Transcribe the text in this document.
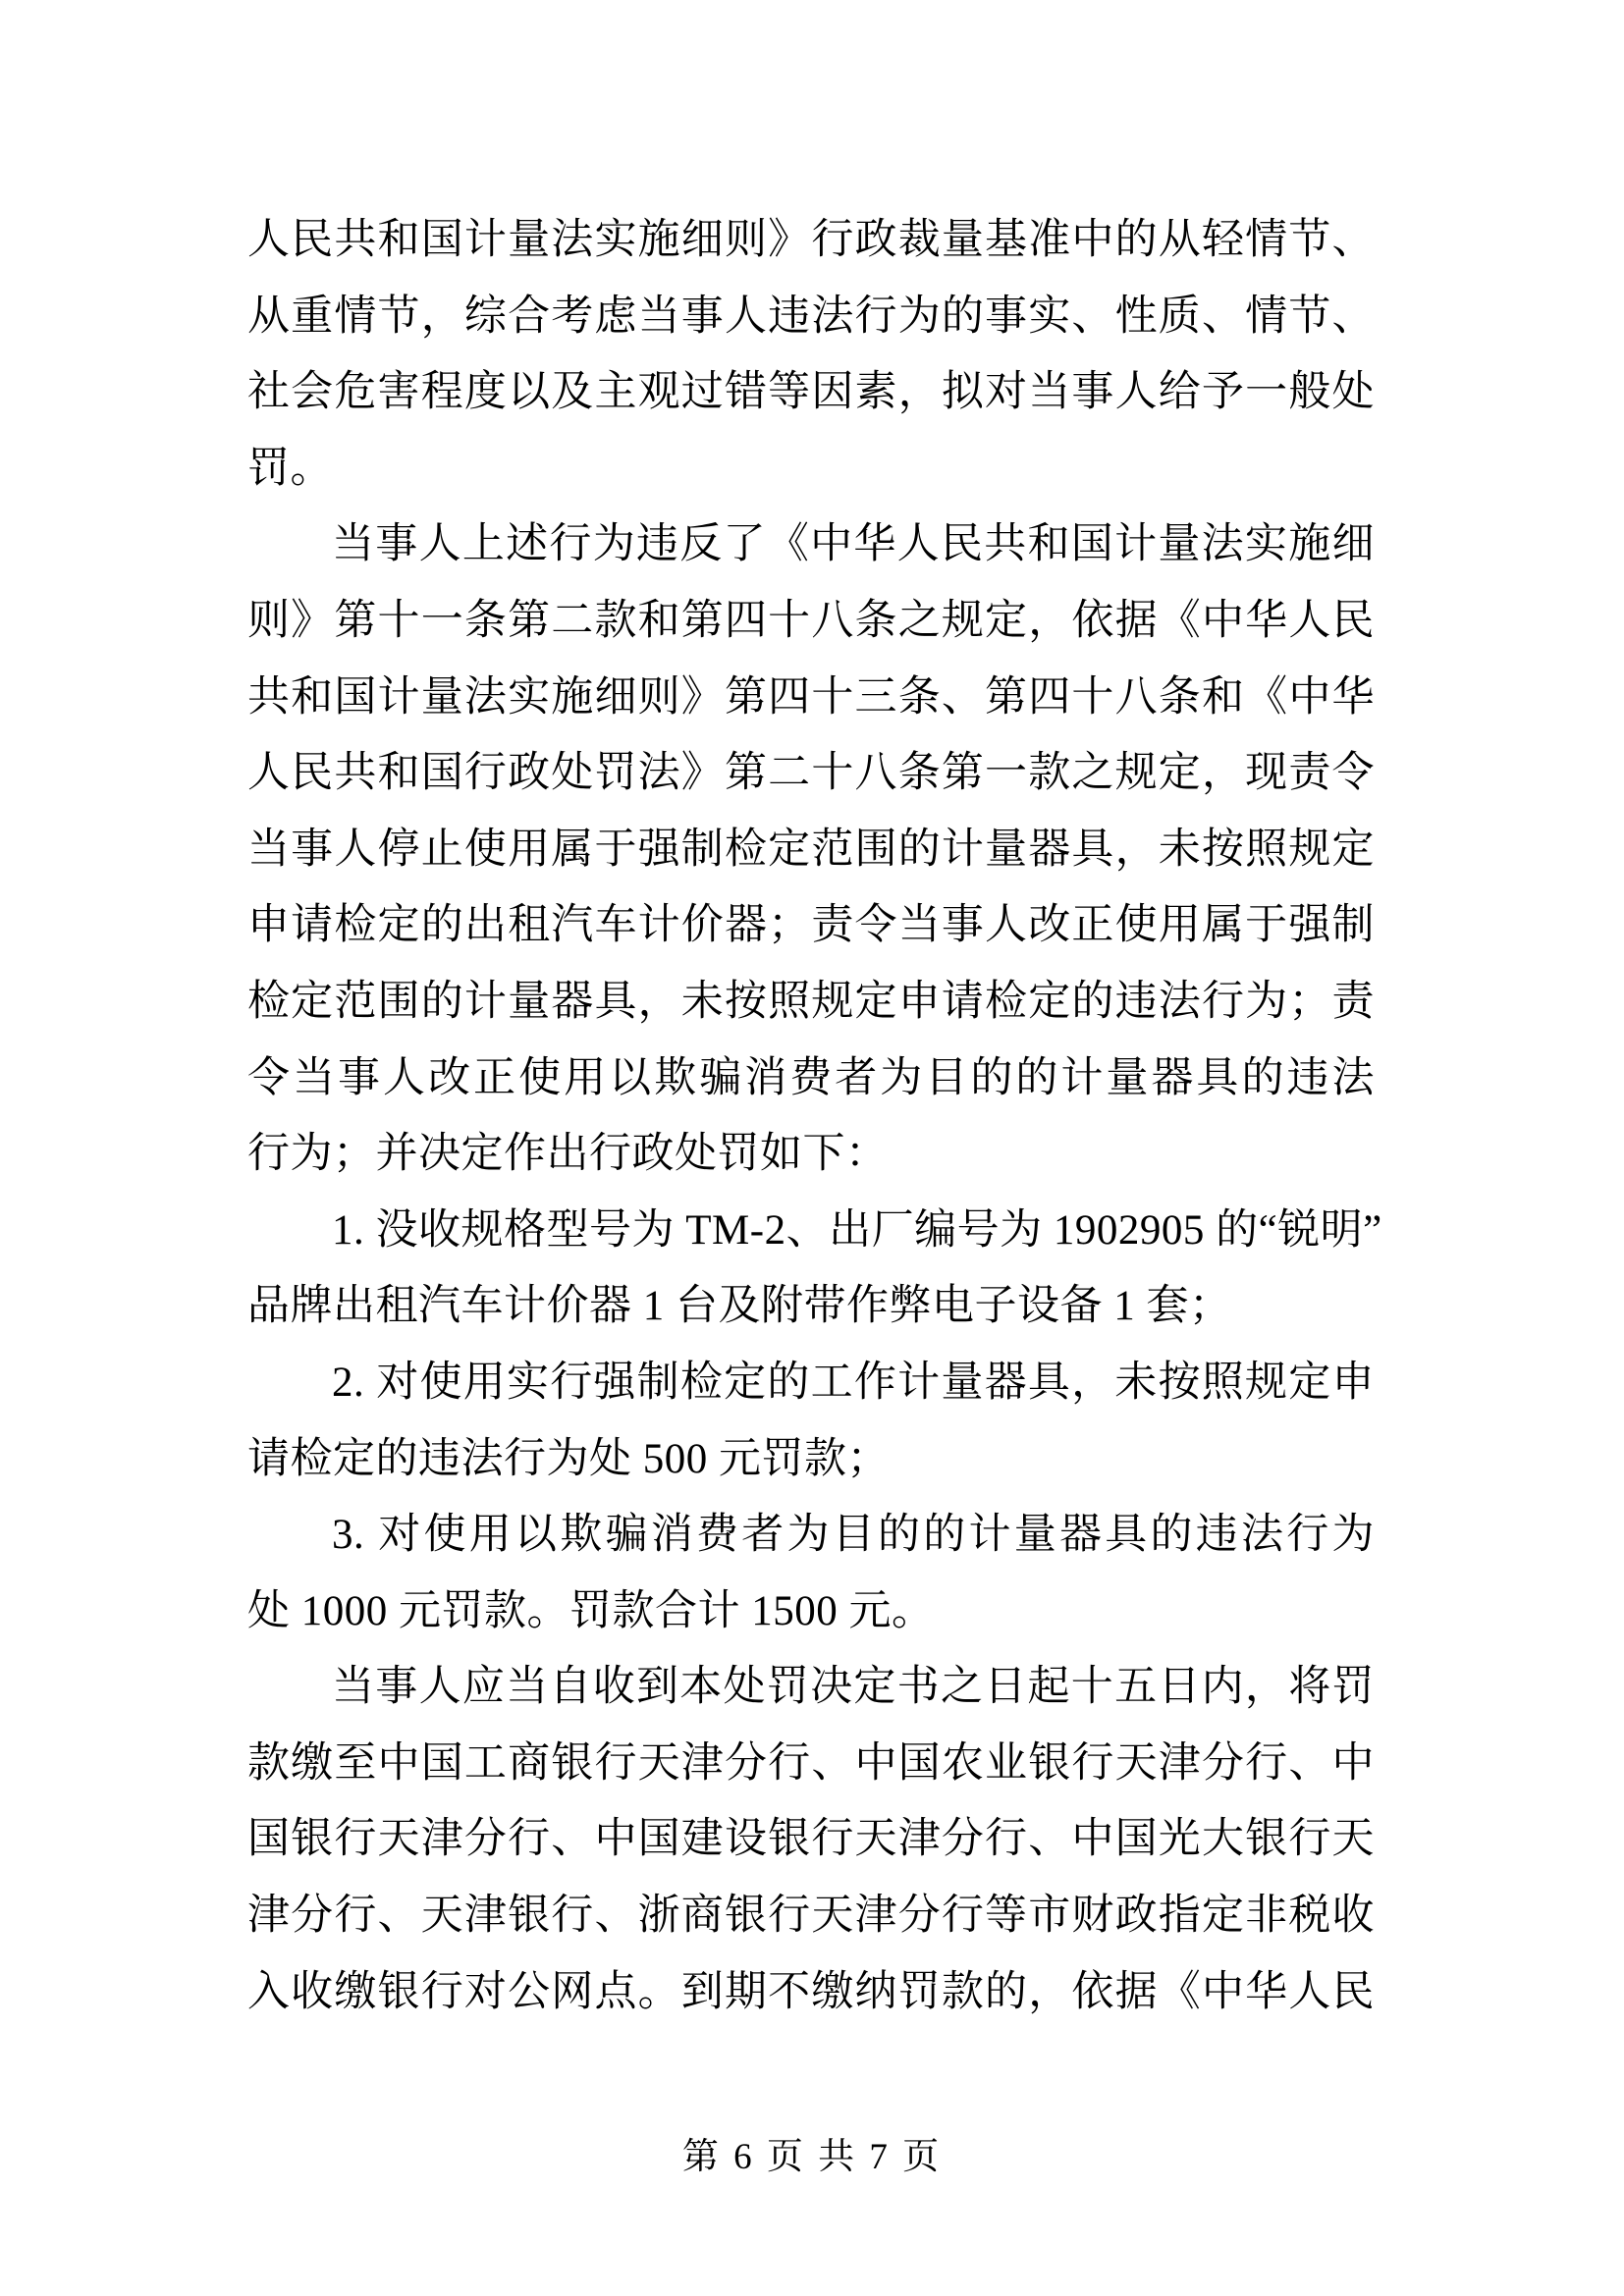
人民共和国计量法实施细则》行政裁量基准中的从轻情节、
从重情节，综合考虑当事人违法行为的事实、性质、情节、
社会危害程度以及主观过错等因素，拟对当事人给予一般处
罚。
当事人上述行为违反了《中华人民共和国计量法实施细
则》第十一条第二款和第四十八条之规定，依据《中华人民
共和国计量法实施细则》第四十三条、第四十八条和《中华
人民共和国行政处罚法》第二十八条第一款之规定，现责令
当事人停止使用属于强制检定范围的计量器具，未按照规定
申请检定的出租汽车计价器；责令当事人改正使用属于强制
检定范围的计量器具，未按照规定申请检定的违法行为；责
令当事人改正使用以欺骗消费者为目的的计量器具的违法
行为；并决定作出行政处罚如下：
1. 没收规格型号为 TM-2、出厂编号为 1902905 的“锐明”
品牌出租汽车计价器 1 台及附带作弊电子设备 1 套；
2. 对使用实行强制检定的工作计量器具，未按照规定申
请检定的违法行为处 500 元罚款；
3. 对使用以欺骗消费者为目的的计量器具的违法行为
处 1000 元罚款。罚款合计 1500 元。
当事人应当自收到本处罚决定书之日起十五日内，将罚
款缴至中国工商银行天津分行、中国农业银行天津分行、中
国银行天津分行、中国建设银行天津分行、中国光大银行天
津分行、天津银行、浙商银行天津分行等市财政指定非税收
入收缴银行对公网点。到期不缴纳罚款的，依据《中华人民
第 6 页 共 7 页
